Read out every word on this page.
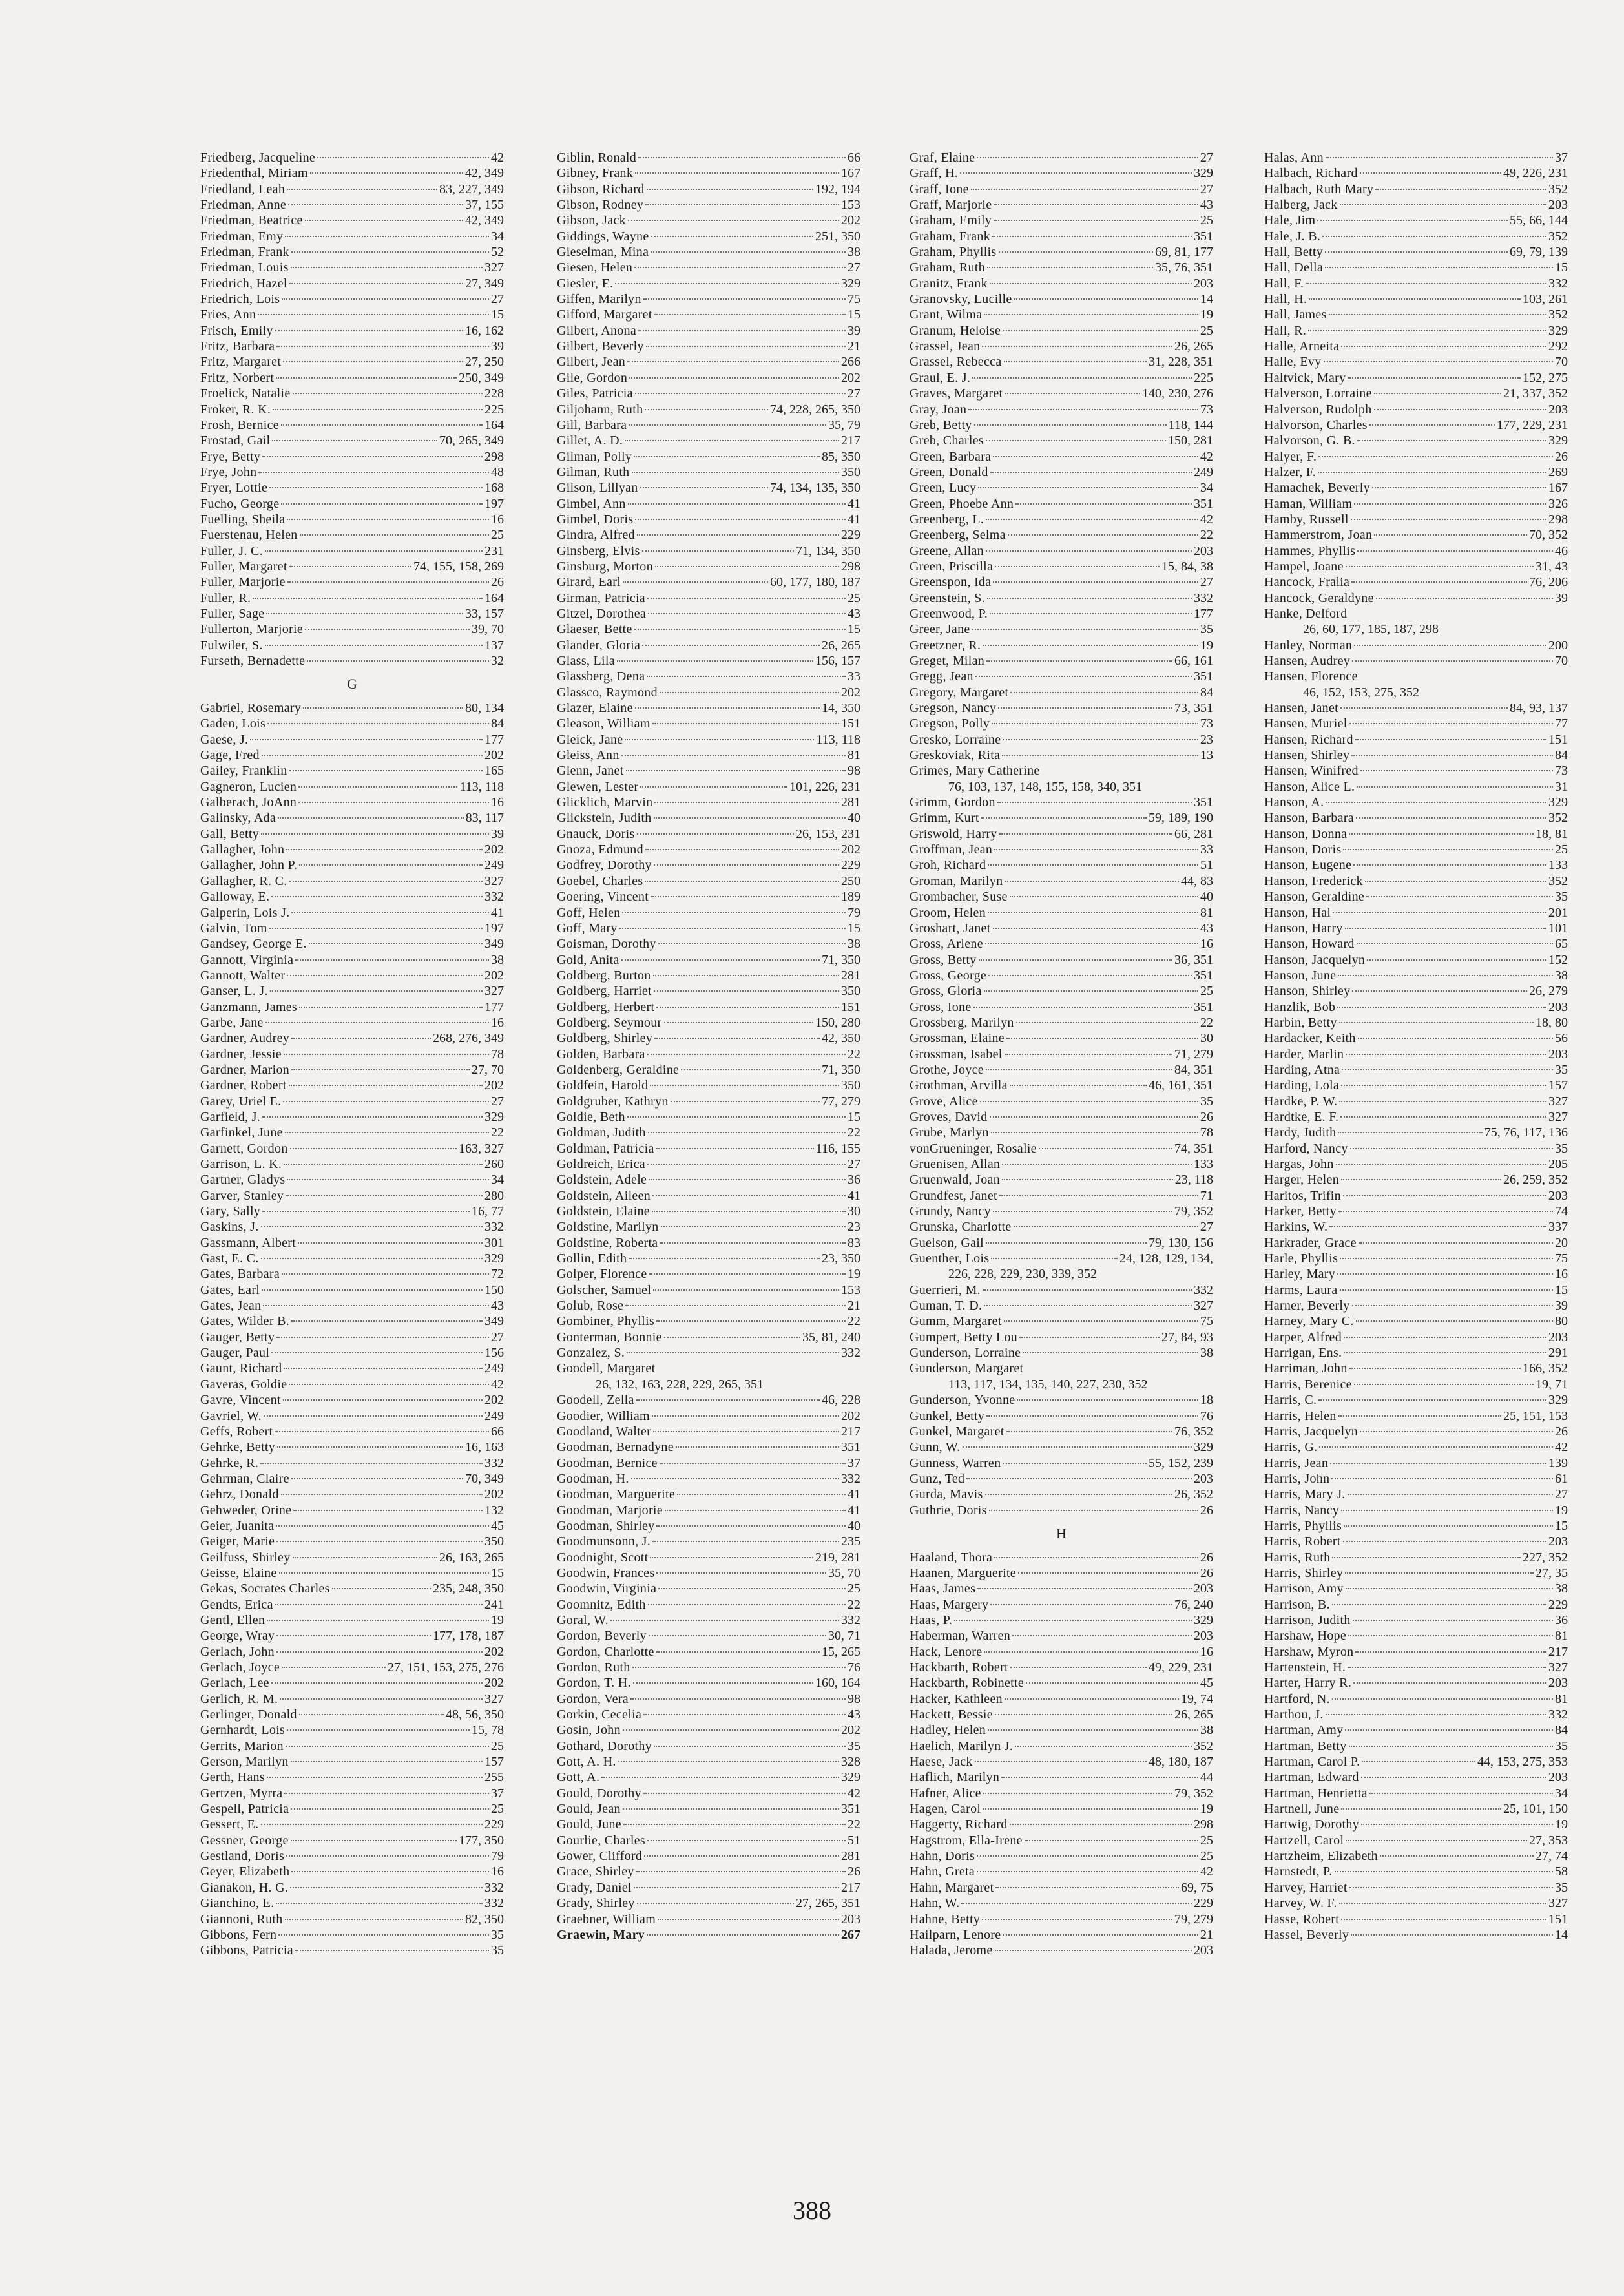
Friedberg, Jacqueline	42
Friedenthal, Miriam	42, 349
Friedland, Leah	83, 227, 349
Friedman, Anne	37, 155
Friedman, Beatrice	42, 349
Friedman, Emy	34
Friedman, Frank	52
Friedman, Louis	327
Friedrich, Hazel	27, 349
Friedrich, Lois	27
Fries, Ann	15
Frisch, Emily	16, 162
Fritz, Barbara	39
Fritz, Margaret	27, 250
Fritz, Norbert	250, 349
Froelick, Natalie	228
Froker, R. K.	225
Frosh, Bernice	164
Frostad, Gail	70, 265, 349
Frye, Betty	298
Frye, John	48
Fryer, Lottie	168
Fucho, George	197
Fuelling, Sheila	16
Fuerstenau, Helen	25
Fuller, J. C.	231
Fuller, Margaret	74, 155, 158, 269
Fuller, Marjorie	26
Fuller, R.	164
Fuller, Sage	33, 157
Fullerton, Marjorie	39, 70
Fulwiler, S.	137
Furseth, Bernadette	32
G
Gabriel, Rosemary	80, 134
Gaden, Lois	84
Gaese, J.	177
Gage, Fred	202
Gailey, Franklin	165
Gagneron, Lucien	113, 118
Galberach, JoAnn	16
Galinsky, Ada	83, 117
Gall, Betty	39
Gallagher, John	202
Gallagher, John P.	249
Gallagher, R. C.	327
Galloway, E.	332
Galperin, Lois J.	41
Galvin, Tom	197
Gandsey, George E.	349
Gannott, Virginia	38
Gannott, Walter	202
Ganser, L. J.	327
Ganzmann, James	177
Garbe, Jane	16
Gardner, Audrey	268, 276, 349
Gardner, Jessie	78
Gardner, Marion	27, 70
Gardner, Robert	202
Garey, Uriel E.	27
Garfield, J.	329
Garfinkel, June	22
Garnett, Gordon	163, 327
Garrison, L. K.	260
Gartner, Gladys	34
Garver, Stanley	280
Gary, Sally	16, 77
Gaskins, J.	332
Gassmann, Albert	301
Gast, E. C.	329
Gates, Barbara	72
Gates, Earl	150
Gates, Jean	43
Gates, Wilder B.	349
Gauger, Betty	27
Gauger, Paul	156
Gaunt, Richard	249
Gaveras, Goldie	42
Gavre, Vincent	202
Gavriel, W.	249
Geffs, Robert	66
Gehrke, Betty	16, 163
Gehrke, R.	332
Gehrman, Claire	70, 349
Gehrz, Donald	202
Gehweder, Orine	132
Geier, Juanita	45
Geiger, Marie	350
Geilfuss, Shirley	26, 163, 265
Geisse, Elaine	15
Gekas, Socrates Charles	235, 248, 350
Gendts, Erica	241
Gentl, Ellen	19
George, Wray	177, 178, 187
Gerlach, John	202
Gerlach, Joyce	27, 151, 153, 275, 276
Gerlach, Lee	202
Gerlich, R. M.	327
Gerlinger, Donald	48, 56, 350
Gernhardt, Lois	15, 78
Gerrits, Marion	25
Gerson, Marilyn	157
Gerth, Hans	255
Gertzen, Myrra	37
Gespell, Patricia	25
Gessert, E.	229
Gessner, George	177, 350
Gestland, Doris	79
Geyer, Elizabeth	16
Gianakon, H. G.	332
Gianchino, E.	332
Giannoni, Ruth	82, 350
Gibbons, Fern	35
Gibbons, Patricia	35
Giblin, Ronald	66
Gibney, Frank	167
Gibson, Richard	192, 194
Gibson, Rodney	153
Gibson, Jack	202
Giddings, Wayne	251, 350
Gieselman, Mina	38
Giesen, Helen	27
Giesler, E.	329
Giffen, Marilyn	75
Gifford, Margaret	15
Gilbert, Anona	39
Gilbert, Beverly	21
Gilbert, Jean	266
Gile, Gordon	202
Giles, Patricia	27
Giljohann, Ruth	74, 228, 265, 350
Gill, Barbara	35, 79
Gillet, A. D.	217
Gilman, Polly	85, 350
Gilman, Ruth	350
Gilson, Lillyan	74, 134, 135, 350
Gimbel, Ann	41
Gimbel, Doris	41
Gindra, Alfred	229
Ginsberg, Elvis	71, 134, 350
Ginsburg, Morton	298
Girard, Earl	60, 177, 180, 187
Girman, Patricia	25
Gitzel, Dorothea	43
Glaeser, Bette	15
Glander, Gloria	26, 265
Glass, Lila	156, 157
Glassberg, Dena	33
Glassco, Raymond	202
Glazer, Elaine	14, 350
Gleason, William	151
Gleick, Jane	113, 118
Gleiss, Ann	81
Glenn, Janet	98
Glewen, Lester	101, 226, 231
Glicklich, Marvin	281
Glickstein, Judith	40
Gnauck, Doris	26, 153, 231
Gnoza, Edmund	202
Godfrey, Dorothy	229
Goebel, Charles	250
Goering, Vincent	189
Goff, Helen	79
Goff, Mary	15
Goisman, Dorothy	38
Gold, Anita	71, 350
Goldberg, Burton	281
Goldberg, Harriet	350
Goldberg, Herbert	151
Goldberg, Seymour	150, 280
Goldberg, Shirley	42, 350
Golden, Barbara	22
Goldenberg, Geraldine	71, 350
Goldfein, Harold	350
Goldgruber, Kathryn	77, 279
Goldie, Beth	15
Goldman, Judith	22
Goldman, Patricia	116, 155
Goldreich, Erica	27
Goldstein, Adele	36
Goldstein, Aileen	41
Goldstein, Elaine	30
Goldstine, Marilyn	23
Goldstine, Roberta	83
Gollin, Edith	23, 350
Golper, Florence	19
Golscher, Samuel	153
Golub, Rose	21
Gombiner, Phyllis	22
Gonterman, Bonnie	35, 81, 240
Gonzalez, S.	332
Goodell, Margaret
26, 132, 163, 228, 229, 265, 351
Goodell, Zella	46, 228
Goodier, William	202
Goodland, Walter	217
Goodman, Bernadyne	351
Goodman, Bernice	37
Goodman, H.	332
Goodman, Marguerite	41
Goodman, Marjorie	41
Goodman, Shirley	40
Goodmunsonn, J.	235
Goodnight, Scott	219, 281
Goodwin, Frances	35, 70
Goodwin, Virginia	25
Goomnitz, Edith	22
Goral, W.	332
Gordon, Beverly	30, 71
Gordon, Charlotte	15, 265
Gordon, Ruth	76
Gordon, T. H.	160, 164
Gordon, Vera	98
Gorkin, Cecelia	43
Gosin, John	202
Gothard, Dorothy	35
Gott, A. H.	328
Gott, A.	329
Gould, Dorothy	42
Gould, Jean	351
Gould, June	22
Gourlie, Charles	51
Gower, Clifford	281
Grace, Shirley	26
Grady, Daniel	217
Grady, Shirley	27, 265, 351
Graebner, William	203
Graewin, Mary	267
Graf, Elaine	27
Graff, H.	329
Graff, Ione	27
Graff, Marjorie	43
Graham, Emily	25
Graham, Frank	351
Graham, Phyllis	69, 81, 177
Graham, Ruth	35, 76, 351
Granitz, Frank	203
Granovsky, Lucille	14
Grant, Wilma	19
Granum, Heloise	25
Grassel, Jean	26, 265
Grassel, Rebecca	31, 228, 351
Graul, E. J.	225
Graves, Margaret	140, 230, 276
Gray, Joan	73
Greb, Betty	118, 144
Greb, Charles	150, 281
Green, Barbara	42
Green, Donald	249
Green, Lucy	34
Green, Phoebe Ann	351
Greenberg, L.	42
Greenberg, Selma	22
Greene, Allan	203
Green, Priscilla	15, 84, 38
Greenspon, Ida	27
Greenstein, S.	332
Greenwood, P.	177
Greer, Jane	35
Greetzner, R.	19
Greget, Milan	66, 161
Gregg, Jean	351
Gregory, Margaret	84
Gregson, Nancy	73, 351
Gregson, Polly	73
Gresko, Lorraine	23
Greskoviak, Rita	13
Grimes, Mary Catherine
76, 103, 137, 148, 155, 158, 340, 351
Grimm, Gordon	351
Grimm, Kurt	59, 189, 190
Griswold, Harry	66, 281
Groffman, Jean	33
Groh, Richard	51
Groman, Marilyn	44, 83
Grombacher, Suse	40
Groom, Helen	81
Groshart, Janet	43
Gross, Arlene	16
Gross, Betty	36, 351
Gross, George	351
Gross, Gloria	25
Gross, Ione	351
Grossberg, Marilyn	22
Grossman, Elaine	30
Grossman, Isabel	71, 279
Grothe, Joyce	84, 351
Grothman, Arvilla	46, 161, 351
Grove, Alice	35
Groves, David	26
Grube, Marlyn	78
vonGrueninger, Rosalie	74, 351
Gruenisen, Allan	133
Gruenwald, Joan	23, 118
Grundfest, Janet	71
Grundy, Nancy	79, 352
Grunska, Charlotte	27
Guelson, Gail	79, 130, 156
Guenther, Lois	24, 128, 129, 134,
226, 228, 229, 230, 339, 352
Guerrieri, M.	332
Guman, T. D.	327
Gumm, Margaret	75
Gumpert, Betty Lou	27, 84, 93
Gunderson, Lorraine	38
Gunderson, Margaret
113, 117, 134, 135, 140, 227, 230, 352
Gunderson, Yvonne	18
Gunkel, Betty	76
Gunkel, Margaret	76, 352
Gunn, W.	329
Gunness, Warren	55, 152, 239
Gunz, Ted	203
Gurda, Mavis	26, 352
Guthrie, Doris	26
H
Haaland, Thora	26
Haanen, Marguerite	26
Haas, James	203
Haas, Margery	76, 240
Haas, P.	329
Haberman, Warren	203
Hack, Lenore	16
Hackbarth, Robert	49, 229, 231
Hackbarth, Robinette	45
Hacker, Kathleen	19, 74
Hackett, Bessie	26, 265
Hadley, Helen	38
Haelich, Marilyn J.	352
Haese, Jack	48, 180, 187
Haflich, Marilyn	44
Hafner, Alice	79, 352
Hagen, Carol	19
Haggerty, Richard	298
Hagstrom, Ella-Irene	25
Hahn, Doris	25
Hahn, Greta	42
Hahn, Margaret	69, 75
Hahn, W.	229
Hahne, Betty	79, 279
Hailparn, Lenore	21
Halada, Jerome	203
Halas, Ann	37
Halbach, Richard	49, 226, 231
Halbach, Ruth Mary	352
Halberg, Jack	203
Hale, Jim	55, 66, 144
Hale, J. B.	352
Hall, Betty	69, 79, 139
Hall, Della	15
Hall, F.	332
Hall, H.	103, 261
Hall, James	352
Hall, R.	329
Halle, Arneita	292
Halle, Evy	70
Haltvick, Mary	152, 275
Halverson, Lorraine	21, 337, 352
Halverson, Rudolph	203
Halvorson, Charles	177, 229, 231
Halvorson, G. B.	329
Halyer, F.	26
Halzer, F.	269
Hamachek, Beverly	167
Haman, William	326
Hamby, Russell	298
Hammerstrom, Joan	70, 352
Hammes, Phyllis	46
Hampel, Joane	31, 43
Hancock, Fralia	76, 206
Hancock, Geraldyne	39
Hanke, Delford
26, 60, 177, 185, 187, 298
Hanley, Norman	200
Hansen, Audrey	70
Hansen, Florence
46, 152, 153, 275, 352
Hansen, Janet	84, 93, 137
Hansen, Muriel	77
Hansen, Richard	151
Hansen, Shirley	84
Hansen, Winifred	73
Hanson, Alice L.	31
Hanson, A.	329
Hanson, Barbara	352
Hanson, Donna	18, 81
Hanson, Doris	25
Hanson, Eugene	133
Hanson, Frederick	352
Hanson, Geraldine	35
Hanson, Hal	201
Hanson, Harry	101
Hanson, Howard	65
Hanson, Jacquelyn	152
Hanson, June	38
Hanson, Shirley	26, 279
Hanzlik, Bob	203
Harbin, Betty	18, 80
Hardacker, Keith	56
Harder, Marlin	203
Harding, Atna	35
Harding, Lola	157
Hardke, P. W.	327
Hardtke, E. F.	327
Hardy, Judith	75, 76, 117, 136
Harford, Nancy	35
Hargas, John	205
Harger, Helen	26, 259, 352
Haritos, Trifin	203
Harker, Betty	74
Harkins, W.	337
Harkrader, Grace	20
Harle, Phyllis	75
Harley, Mary	16
Harms, Laura	15
Harner, Beverly	39
Harney, Mary C.	80
Harper, Alfred	203
Harrigan, Ens.	291
Harriman, John	166, 352
Harris, Berenice	19, 71
Harris, C.	329
Harris, Helen	25, 151, 153
Harris, Jacquelyn	26
Harris, G.	42
Harris, Jean	139
Harris, John	61
Harris, Mary J.	27
Harris, Nancy	19
Harris, Phyllis	15
Harris, Robert	203
Harris, Ruth	227, 352
Harris, Shirley	27, 35
Harrison, Amy	38
Harrison, B.	229
Harrison, Judith	36
Harshaw, Hope	81
Harshaw, Myron	217
Hartenstein, H.	327
Harter, Harry R.	203
Hartford, N.	81
Harthou, J.	332
Hartman, Amy	84
Hartman, Betty	35
Hartman, Carol P.	44, 153, 275, 353
Hartman, Edward	203
Hartman, Henrietta	34
Hartnell, June	25, 101, 150
Hartwig, Dorothy	19
Hartzell, Carol	27, 353
Hartzheim, Elizabeth	27, 74
Harnstedt, P.	58
Harvey, Harriet	35
Harvey, W. F.	327
Hasse, Robert	151
Hassel, Beverly	14
388
